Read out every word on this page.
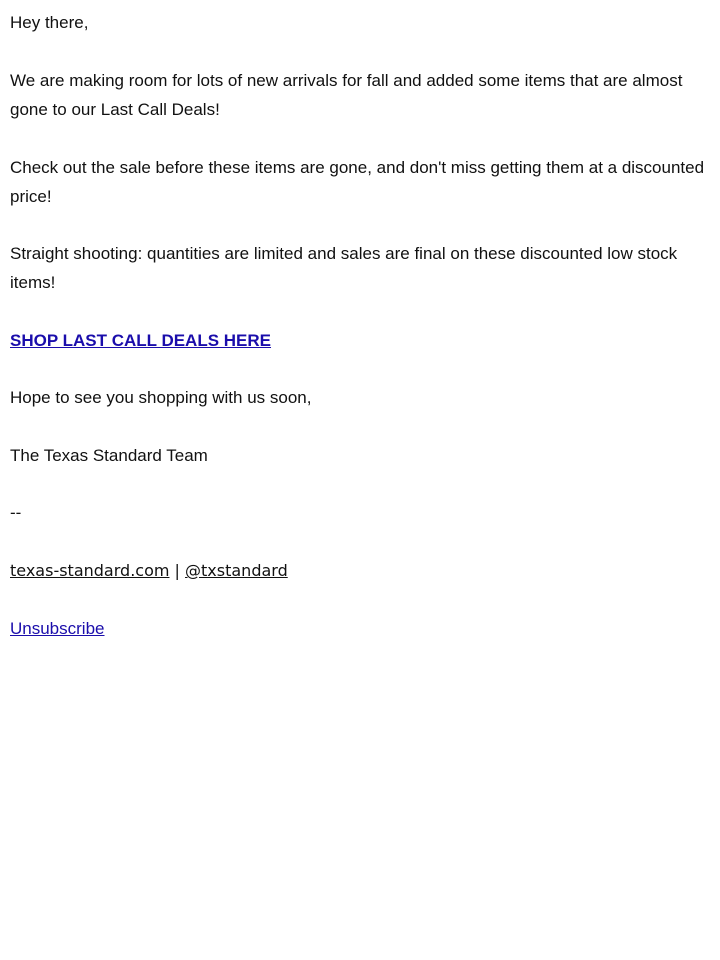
Hey there,

We are making room for lots of new arrivals for fall and added some items that are almost gone to our Last Call Deals!

Check out the sale before these items are gone, and don't miss getting them at a discounted price!

Straight shooting: quantities are limited and sales are final on these discounted low stock items!

SHOP LAST CALL DEALS HERE

Hope to see you shopping with us soon,

The Texas Standard Team

--

texas-standard.com | @txstandard

Unsubscribe
